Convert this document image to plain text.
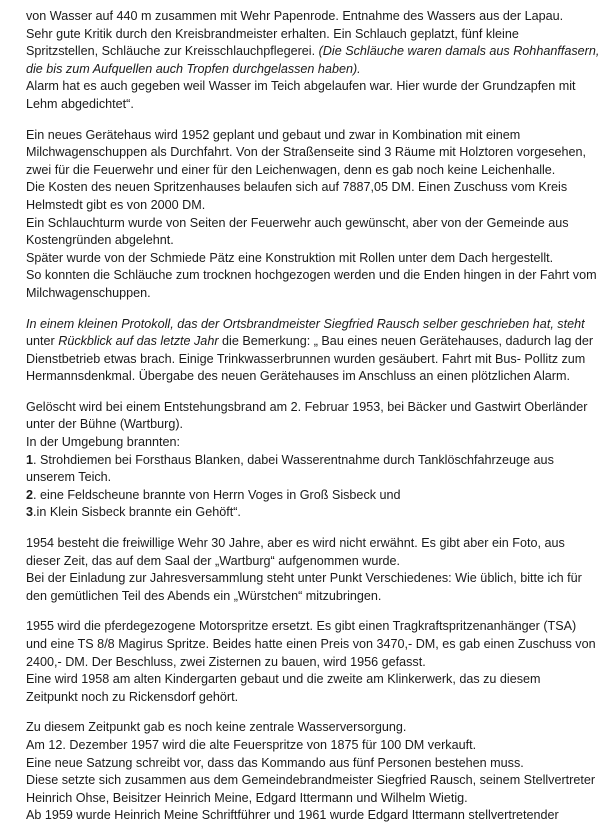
von Wasser auf 440 m zusammen mit Wehr Papenrode. Entnahme des Wassers aus der Lapau.
Sehr gute Kritik durch den Kreisbrandmeister erhalten. Ein Schlauch geplatzt, fünf kleine
Spritzstellen, Schläuche zur Kreisschlauchpflegerei. (Die Schläuche waren damals aus Rohhanffasern,
die bis zum Aufquellen auch Tropfen durchgelassen haben).
Alarm hat es auch gegeben weil Wasser im Teich abgelaufen war. Hier wurde der Grundzapfen mit
Lehm abgedichtet“.

Ein neues Gerätehaus wird 1952 geplant und gebaut und zwar in Kombination mit einem
Milchwagenschuppen als Durchfahrt. Von der Straßenseite sind 3 Räume mit Holztoren vorgesehen,
zwei für die Feuerwehr und einer für den Leichenwagen, denn es gab noch keine Leichenhalle.
Die Kosten des neuen Spritzenhauses belaufen sich auf 7887,05 DM. Einen Zuschuss vom Kreis
Helmstedt gibt es von 2000 DM.
Ein Schlauchturm wurde von Seiten der Feuerwehr auch gewünscht, aber von der Gemeinde aus
Kostengründen abgelehnt.
Später wurde von der Schmiede Pätz eine Konstruktion mit Rollen unter dem Dach hergestellt.
So konnten die Schläuche zum trocknen hochgezogen werden und die Enden hingen in der Fahrt vom
Milchwagenschuppen.

In einem kleinen Protokoll, das der Ortsbrandmeister Siegfried Rausch selber geschrieben hat, steht
unter Rückblick auf das letzte Jahr die Bemerkung: „ Bau eines neuen Gerätehauses, dadurch lag der
Dienstbetrieb etwas brach. Einige Trinkwasserbrunnen wurden gesäubert. Fahrt mit Bus- Pollitz zum
Hermannsdenkmal. Übergabe des neuen Gerätehauses im Anschluss an einen plötzlichen Alarm.

Gelöscht wird bei einem Entstehungsbrand am 2. Februar 1953, bei Bäcker und Gastwirt Oberländer
unter der Bühne (Wartburg).
In der Umgebung brannten:
1. Strohdiemen bei Forsthaus Blanken, dabei Wasserentnahme durch Tanklöschfahrzeuge aus
unserem Teich.
2. eine Feldscheune brannte von Herrn Voges in Groß Sisbeck und
3.in Klein Sisbeck brannte ein Gehöft“.

1954 besteht die freiwillige Wehr 30 Jahre, aber es wird nicht erwähnt. Es gibt aber ein Foto, aus
dieser Zeit, das auf dem Saal der „Wartburg“ aufgenommen wurde.
Bei der Einladung zur Jahresversammlung steht unter Punkt Verschiedenes: Wie üblich, bitte ich für
den gemütlichen Teil des Abends ein „Würstchen“ mitzubringen.

1955 wird die pferdegezogene Motorspritze ersetzt. Es gibt einen Tragkraftspritzenanhänger (TSA)
und eine TS 8/8 Magirus Spritze. Beides hatte einen Preis von 3470,- DM, es gab einen Zuschuss von
2400,- DM. Der Beschluss, zwei Zisternen zu bauen, wird 1956 gefasst.
Eine wird 1958 am alten Kindergarten gebaut und die zweite am Klinkerwerk, das zu diesem
Zeitpunkt noch zu Rickensdorf gehört.

Zu diesem Zeitpunkt gab es noch keine zentrale Wasserversorgung.
Am 12. Dezember 1957 wird die alte Feuerspritze von 1875 für 100 DM verkauft.
Eine neue Satzung schreibt vor, dass das Kommando aus fünf Personen bestehen muss.
Diese setzte sich zusammen aus dem Gemeindebrandmeister Siegfried Rausch, seinem Stellvertreter
Heinrich Ohse, Beisitzer Heinrich Meine, Edgard Ittermann und Wilhelm Wietig.
Ab 1959 wurde Heinrich Meine Schriftführer und 1961 wurde Edgard Ittermann stellvertretender
